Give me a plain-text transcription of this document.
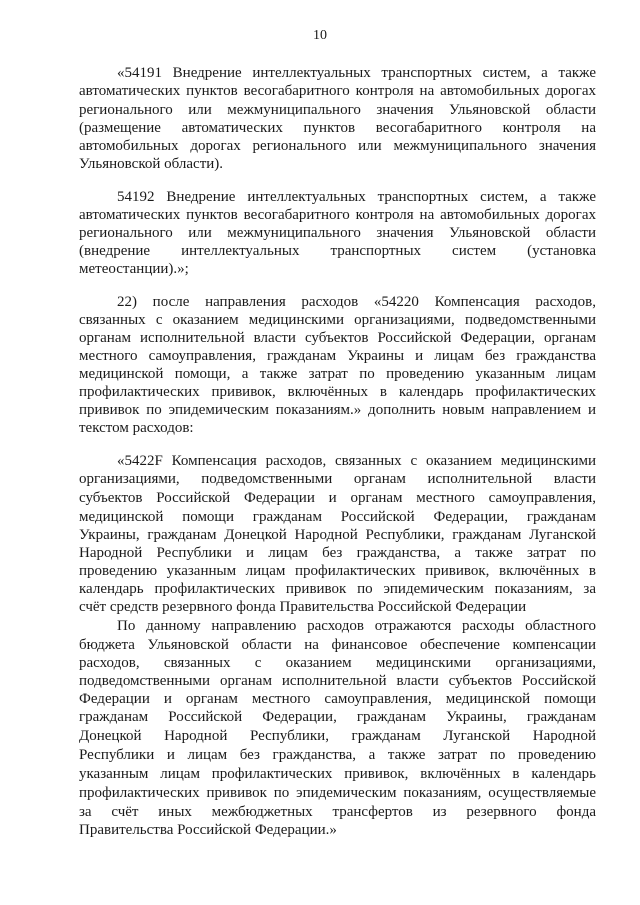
10
«54191 Внедрение интеллектуальных транспортных систем, а также
автоматических пунктов весогабаритного контроля на автомобильных дорогах
регионального или межмуниципального значения Ульяновской области
(размещение автоматических пунктов весогабаритного контроля на
автомобильных дорогах регионального или межмуниципального значения
Ульяновской области).
54192 Внедрение интеллектуальных транспортных систем, а также
автоматических пунктов весогабаритного контроля на автомобильных дорогах
регионального или межмуниципального значения Ульяновской области
(внедрение интеллектуальных транспортных систем (установка
метеостанции).»;
22) после направления расходов «54220 Компенсация расходов,
связанных с оказанием медицинскими организациями, подведомственными
органам исполнительной власти субъектов Российской Федерации, органам
местного самоуправления, гражданам Украины и лицам без гражданства
медицинской помощи, а также затрат по проведению указанным лицам
профилактических прививок, включённых в календарь профилактических
прививок по эпидемическим показаниям.» дополнить новым направлением и
текстом расходов:
«5422F Компенсация расходов, связанных с оказанием медицинскими
организациями, подведомственными органам исполнительной власти
субъектов Российской Федерации и органам местного самоуправления,
медицинской помощи гражданам Российской Федерации, гражданам
Украины, гражданам Донецкой Народной Республики, гражданам Луганской
Народной Республики и лицам без гражданства, а также затрат по
проведению указанным лицам профилактических прививок, включённых в
календарь профилактических прививок по эпидемическим показаниям, за
счёт средств резервного фонда Правительства Российской Федерации
По данному направлению расходов отражаются расходы областного
бюджета Ульяновской области на финансовое обеспечение компенсации
расходов, связанных с оказанием медицинскими организациями,
подведомственными органам исполнительной власти субъектов Российской
Федерации и органам местного самоуправления, медицинской помощи
гражданам Российской Федерации, гражданам Украины, гражданам
Донецкой Народной Республики, гражданам Луганской Народной
Республики и лицам без гражданства, а также затрат по проведению
указанным лицам профилактических прививок, включённых в календарь
профилактических прививок по эпидемическим показаниям, осуществляемые
за счёт иных межбюджетных трансфертов из резервного фонда
Правительства Российской Федерации.»
